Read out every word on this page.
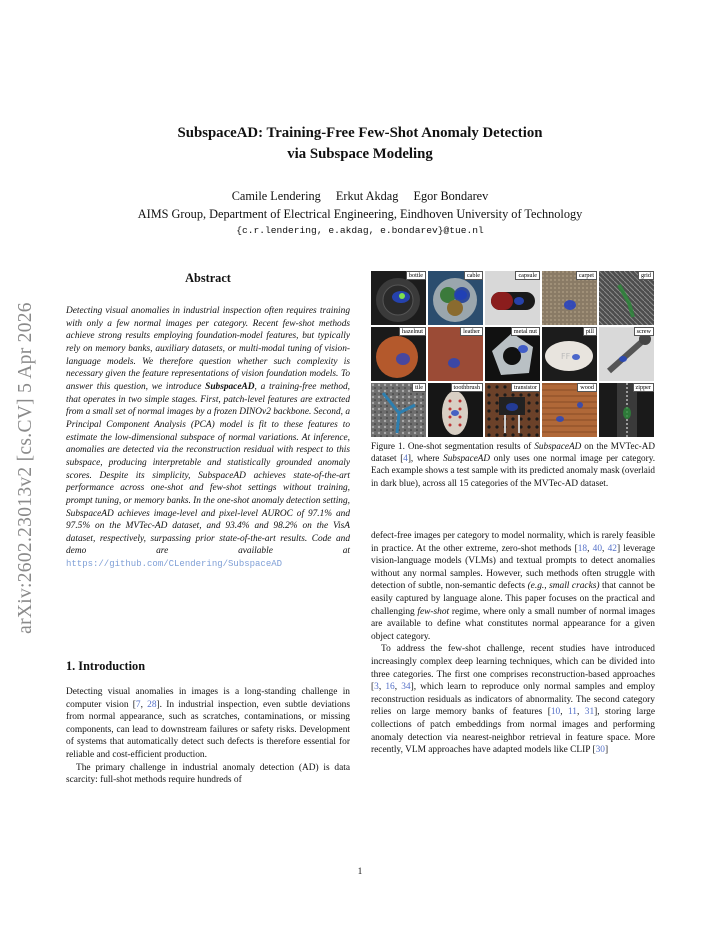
SubspaceAD: Training-Free Few-Shot Anomaly Detection
via Subspace Modeling
Camile Lendering Erkut Akdag Egor Bondarev
AIMS Group, Department of Electrical Engineering, Eindhoven University of Technology
{c.r.lendering, e.akdag, e.bondarev}@tue.nl
arXiv:2602.23013v2 [cs.CV] 5 Apr 2026
Abstract
Detecting visual anomalies in industrial inspection often requires training with only a few normal images per category. Recent few-shot methods achieve strong results employing foundation-model features, but typically rely on memory banks, auxiliary datasets, or multi-modal tuning of vision-language models. We therefore question whether such complexity is necessary given the feature representations of vision foundation models. To answer this question, we introduce SubspaceAD, a training-free method, that operates in two simple stages. First, patch-level features are extracted from a small set of normal images by a frozen DINOv2 backbone. Second, a Principal Component Analysis (PCA) model is fit to these features to estimate the low-dimensional subspace of normal variations. At inference, anomalies are detected via the reconstruction residual with respect to this subspace, producing interpretable and statistically grounded anomaly scores. Despite its simplicity, SubspaceAD achieves state-of-the-art performance across one-shot and few-shot settings without training, prompt tuning, or memory banks. In the one-shot anomaly detection setting, SubspaceAD achieves image-level and pixel-level AUROC of 97.1% and 97.5% on the MVTec-AD dataset, and 93.4% and 98.2% on the VisA dataset, respectively, surpassing prior state-of-the-art results. Code and demo are available at https://github.com/CLendering/SubspaceAD
bottle	cable	capsule	carpet	grid
hazelnut	leather	metal nut
FF
pill	screw
tile	toothbrush	transistor	wood	zipper
Figure 1. One-shot segmentation results of SubspaceAD on the MVTec-AD dataset [4], where SubspaceAD only uses one normal image per category. Each example shows a test sample with its predicted anomaly mask (overlaid in dark blue), across all 15 categories of the MVTec-AD dataset.
1. Introduction

Detecting visual anomalies in images is a long-standing challenge in computer vision [7, 28]. In industrial inspection, even subtle deviations from normal appearance, such as scratches, contaminations, or missing components, can lead to downstream failures or safety risks. Development of systems that automatically detect such defects is therefore essential for reliable and cost-efficient production.

The primary challenge in industrial anomaly detection (AD) is data scarcity: full-shot methods require hundreds of

defect-free images per category to model normality, which is rarely feasible in practice. At the other extreme, zero-shot methods [18, 40, 42] leverage vision-language models (VLMs) and textual prompts to detect anomalies without any normal samples. However, such methods often struggle with detection of subtle, non-semantic defects (e.g., small cracks) that cannot be easily captured by language alone. This paper focuses on the practical and challenging few-shot regime, where only a small number of normal images are available to define what constitutes normal appearance for a given object category.

To address the few-shot challenge, recent studies have introduced increasingly complex deep learning techniques, which can be divided into three categories. The first one comprises reconstruction-based approaches [3, 16, 34], which learn to reproduce only normal samples and employ reconstruction residuals as indicators of abnormality. The second category relies on large memory banks of features [10, 11, 31], storing large collections of patch embeddings from normal images and performing anomaly detection via nearest-neighbor retrieval in feature space. More recently, VLM approaches have adapted models like CLIP [30]

1
